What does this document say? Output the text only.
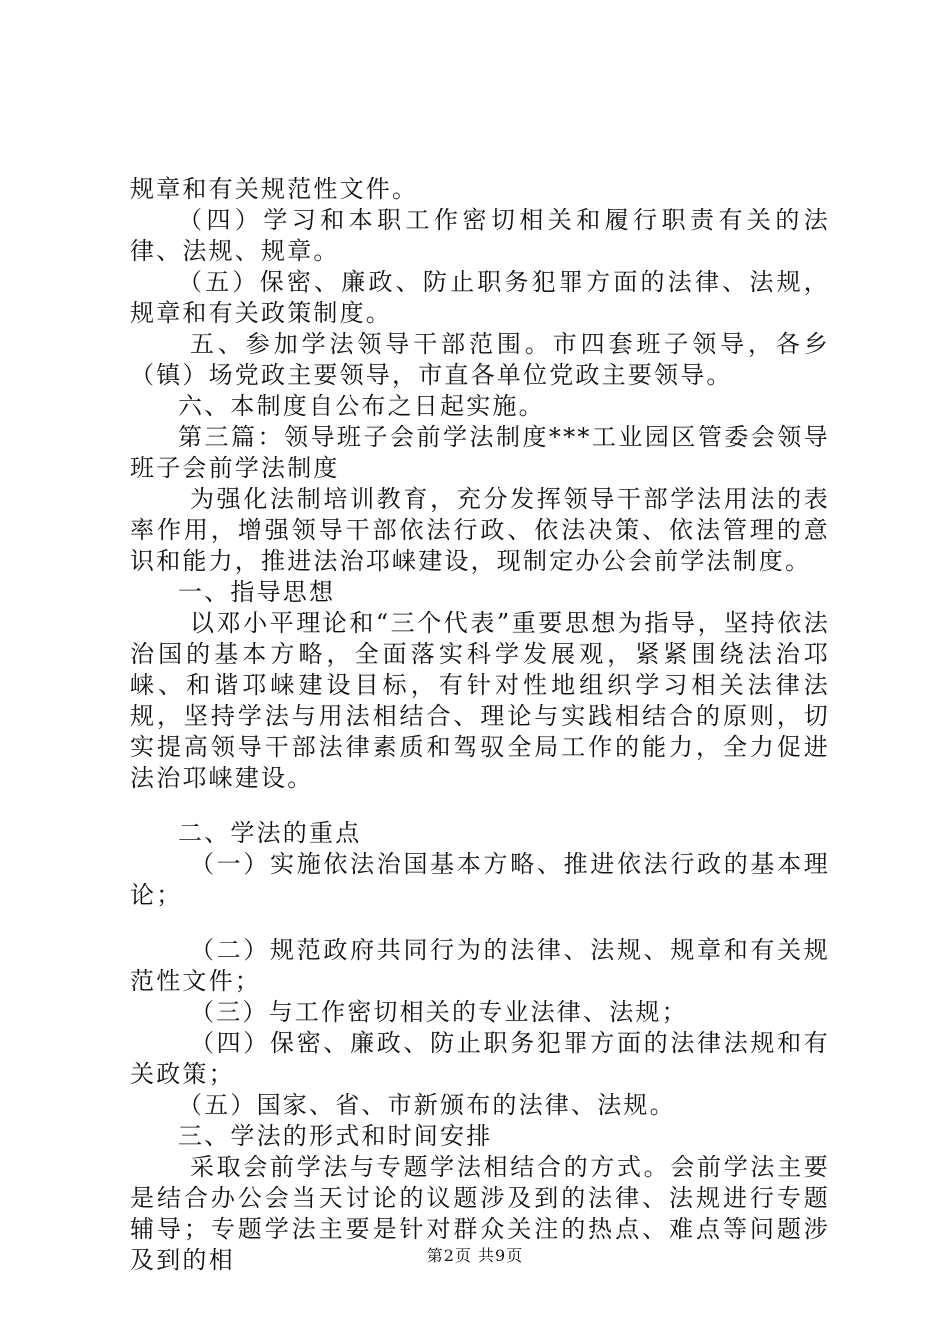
规章和有关规范性文件。

（四）学习和本职工作密切相关和履行职责有关的法律、法规、规章。

（五）保密、廉政、防止职务犯罪方面的法律、法规，规章和有关政策制度。

五、参加学法领导干部范围。市四套班子领导，各乡（镇）场党政主要领导，市直各单位党政主要领导。

六、本制度自公布之日起实施。

第三篇：领导班子会前学法制度***工业园区管委会领导班子会前学法制度

为强化法制培训教育，充分发挥领导干部学法用法的表率作用，增强领导干部依法行政、依法决策、依法管理的意识和能力，推进法治邛崃建设，现制定办公会前学法制度。

一、指导思想

以邓小平理论和“三个代表”重要思想为指导，坚持依法治国的基本方略，全面落实科学发展观，紧紧围绕法治邛崃、和谐邛崃建设目标，有针对性地组织学习相关法律法规，坚持学法与用法相结合、理论与实践相结合的原则，切实提高领导干部法律素质和驾驭全局工作的能力，全力促进法治邛崃建设。

二、学法的重点

（一）实施依法治国基本方略、推进依法行政的基本理论；

（二）规范政府共同行为的法律、法规、规章和有关规范性文件；

（三）与工作密切相关的专业法律、法规；

（四）保密、廉政、防止职务犯罪方面的法律法规和有关政策；

（五）国家、省、市新颁布的法律、法规。

三、学法的形式和时间安排

采取会前学法与专题学法相结合的方式。会前学法主要是结合办公会当天讨论的议题涉及到的法律、法规进行专题辅导；专题学法主要是针对群众关注的热点、难点等问题涉及到的相	第2页 共9页
